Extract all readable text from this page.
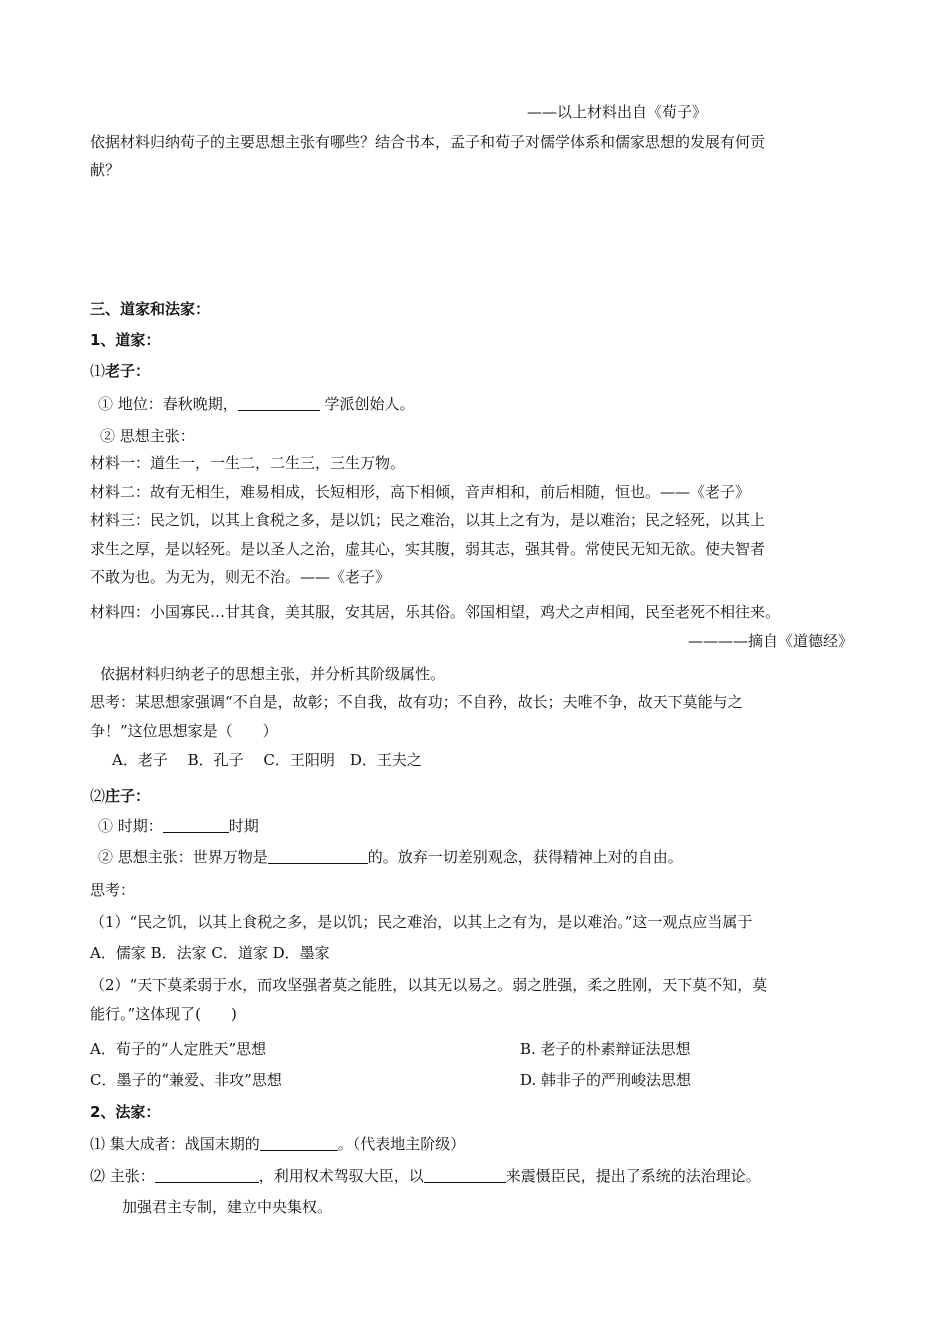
——以上材料出自《荀子》
依据材料归纳荀子的主要思想主张有哪些？结合书本，孟子和荀子对儒学体系和儒家思想的发展有何贡
献？
三、道家和法家：
1、道家：
⑴老子：
① 地位：春秋晚期，	学派创始人。
② 思想主张：
材料一：道生一，一生二，二生三，三生万物。
材料二：故有无相生，难易相成，长短相形，高下相倾，音声相和，前后相随，恒也。——《老子》
材料三：民之饥，以其上食税之多，是以饥；民之难治，以其上之有为，是以难治；民之轻死，以其上
求生之厚，是以轻死。是以圣人之治，虚其心，实其腹，弱其志，强其骨。常使民无知无欲。使夫智者
不敢为也。为无为，则无不治。——《老子》
材料四：小国寡民…甘其食，美其服，安其居，乐其俗。邻国相望，鸡犬之声相闻，民至老死不相往来。
————摘自《道德经》
依据材料归纳老子的思想主张，并分析其阶级属性。
思考：某思想家强调“不自是，故彰；不自我，故有功；不自矜，故长；夫唯不争，故天下莫能与之
争！”这位思想家是（　　）
A．老子　 B．孔子　 C．王阳明　D．王夫之
⑵庄子：
① 时期：	时期
② 思想主张：世界万物是	的。放弃一切差别观念，获得精神上对的自由。
思考：
（1）“民之饥，以其上食税之多，是以饥；民之难治，以其上之有为，是以难治。”这一观点应当属于
A．儒家 B．法家 C．道家 D．墨家
（2）“天下莫柔弱于水，而攻坚强者莫之能胜，以其无以易之。弱之胜强，柔之胜刚，天下莫不知，莫
能行。”这体现了(　　)
A．荀子的“人定胜天”思想	B. 老子的朴素辩证法思想
C．墨子的“兼爱、非攻”思想	D. 韩非子的严刑峻法思想
2、法家：
⑴ 集大成者：战国末期的	。（代表地主阶级）
⑵ 主张：	，利用权术驾驭大臣，以	来震慑臣民，提出了系统的法治理论。
加强君主专制，建立中央集权。
